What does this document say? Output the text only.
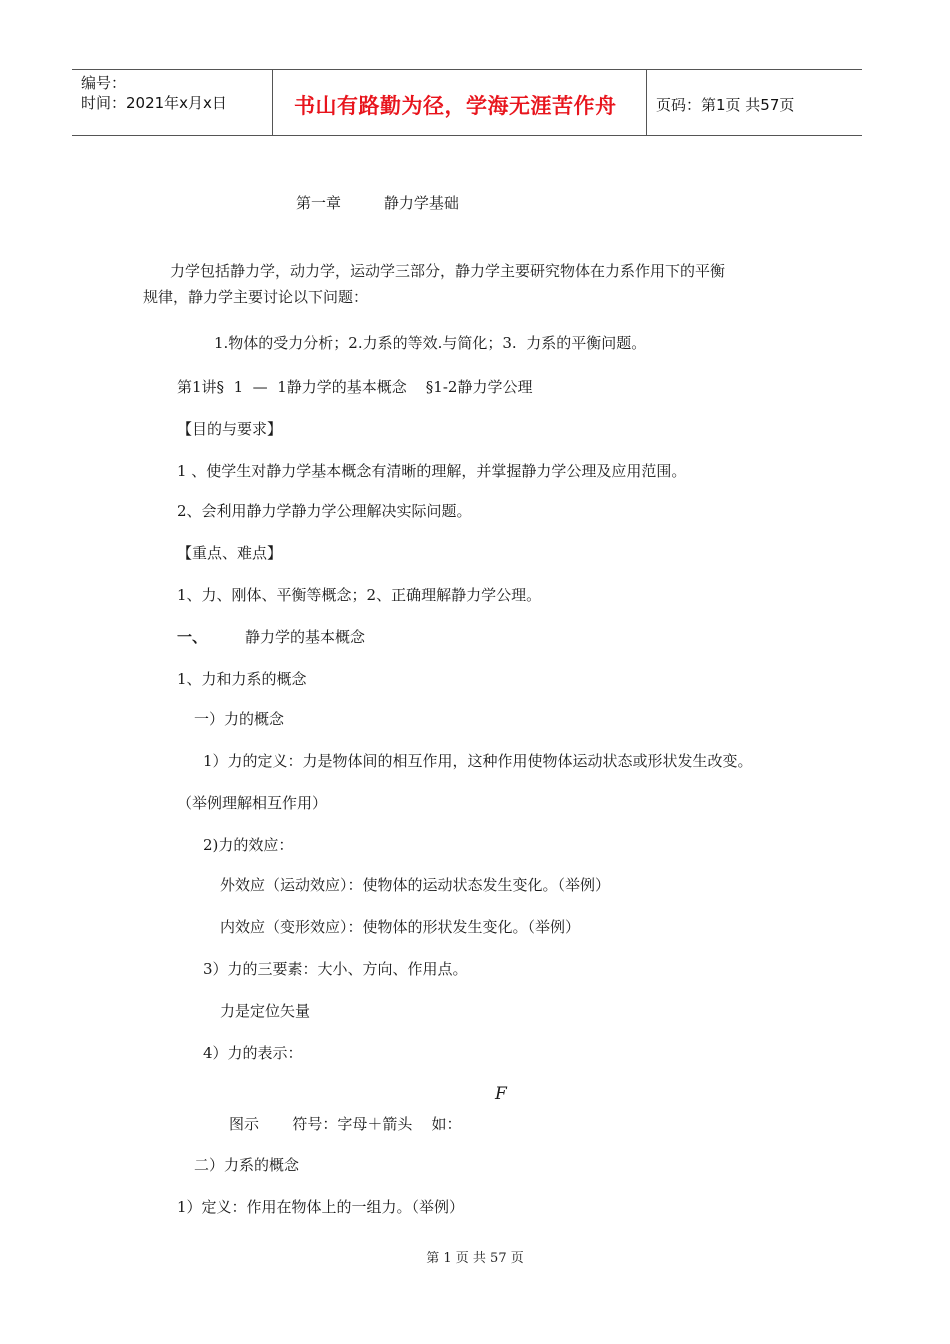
编号：
时间：2021年x月x日	书山有路勤为径，学海无涯苦作舟	页码：第1页 共57页
第一章         静力学基础
力学包括静力学，动力学，运动学三部分，静力学主要研究物体在力系作用下的平衡
规律，静力学主要讨论以下问题：
1.物体的受力分析；2.力系的等效.与简化；3.  力系的平衡问题。
第1讲§  1  —  1静力学的基本概念    §1-2静力学公理
【目的与要求】
1 、使学生对静力学基本概念有清晰的理解，并掌握静力学公理及应用范围。
2、会利用静力学静力学公理解决实际问题。
【重点、难点】
1、力、刚体、平衡等概念；2、正确理解静力学公理。
一、	静力学的基本概念
1、力和力系的概念
一）力的概念
1）力的定义：力是物体间的相互作用，这种作用使物体运动状态或形状发生改变。
（举例理解相互作用）
2)力的效应：
外效应（运动效应）：使物体的运动状态发生变化。（举例）
内效应（变形效应）：使物体的形状发生变化。（举例）
3）力的三要素：大小、方向、作用点。
力是定位矢量
4）力的表示：
F
图示       符号：字母＋箭头    如：
二）力系的概念
1）定义：作用在物体上的一组力。（举例）
第 1 页 共 57 页
